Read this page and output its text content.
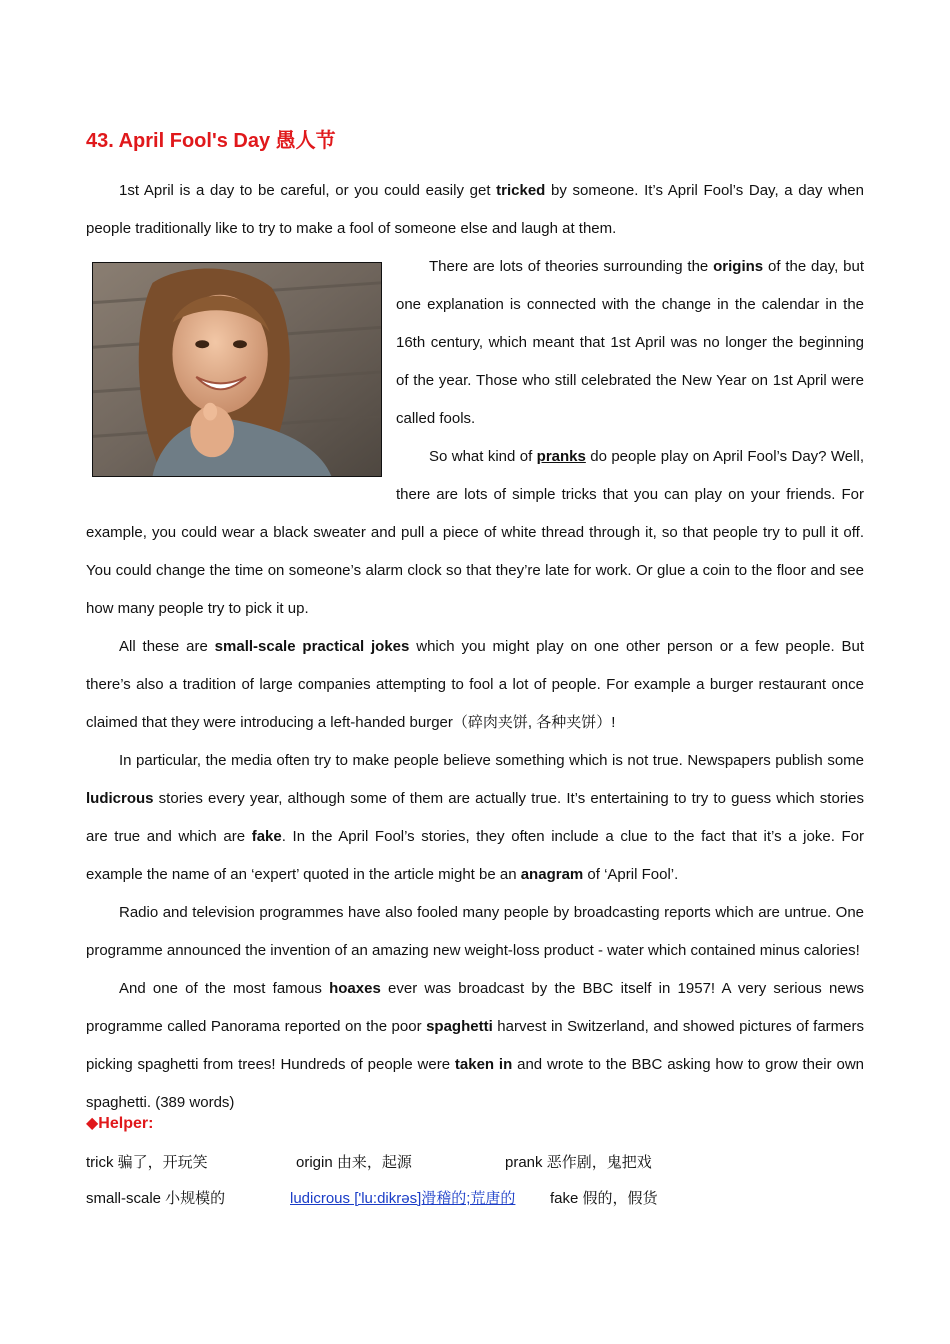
43. April Fool's Day 愚人节

1st April is a day to be careful, or you could easily get tricked by someone. It’s April Fool’s Day, a day when people traditionally like to try to make a fool of someone else and laugh at them.

There are lots of theories surrounding the origins
of the day, but one explanation is connected with the change in the calendar in the 16th century, which meant that 1st April was no longer the beginning of the year. Those who still celebrated the New Year on 1st April were called fools.

So what kind of pranks do people play on April Fool’s Day? Well, there are lots of simple tricks that you can play on your friends. For example, you could wear a black sweater and pull a piece of white thread through it, so that people try to pull it off. You could change the time on someone’s alarm clock so that they’re late for work. Or glue a coin to the floor and see how many people try to pick it up.

All these are small-scale practical jokes which you might play on one other person or a few people. But there’s also a tradition of large companies attempting to fool a lot of people. For example a burger restaurant once claimed that they were introducing a left-handed burger（碎肉夹饼, 各种夹饼）!

In particular, the media often try to make people believe something which is not true. Newspapers publish some ludicrous stories every year, although some of them are actually true. It’s entertaining to try to guess which stories are true and which are fake. In the April Fool’s stories, they often include a clue to the fact that it’s a joke. For example the name of an ‘expert’ quoted in the article might be an anagram of ‘April Fool’.

Radio and television programmes have also fooled many people by broadcasting reports which are untrue. One programme announced the invention of an amazing new weight-loss product - water which contained minus calories!

And one of the most famous hoaxes ever was broadcast by the BBC itself in 1957! A very serious news programme called Panorama reported on the poor spaghetti harvest in Switzerland, and showed pictures of farmers picking spaghetti from trees! Hundreds of people were taken in and wrote to the BBC asking how to grow their own spaghetti. (389 words)

◆Helper:
trick 骗了，开玩笑	origin 由来，起源	prank 恶作剧，鬼把戏
small-scale 小规模的	ludicrous ['lu:dikrəs]滑稽的;荒唐的 fake 假的，假货
